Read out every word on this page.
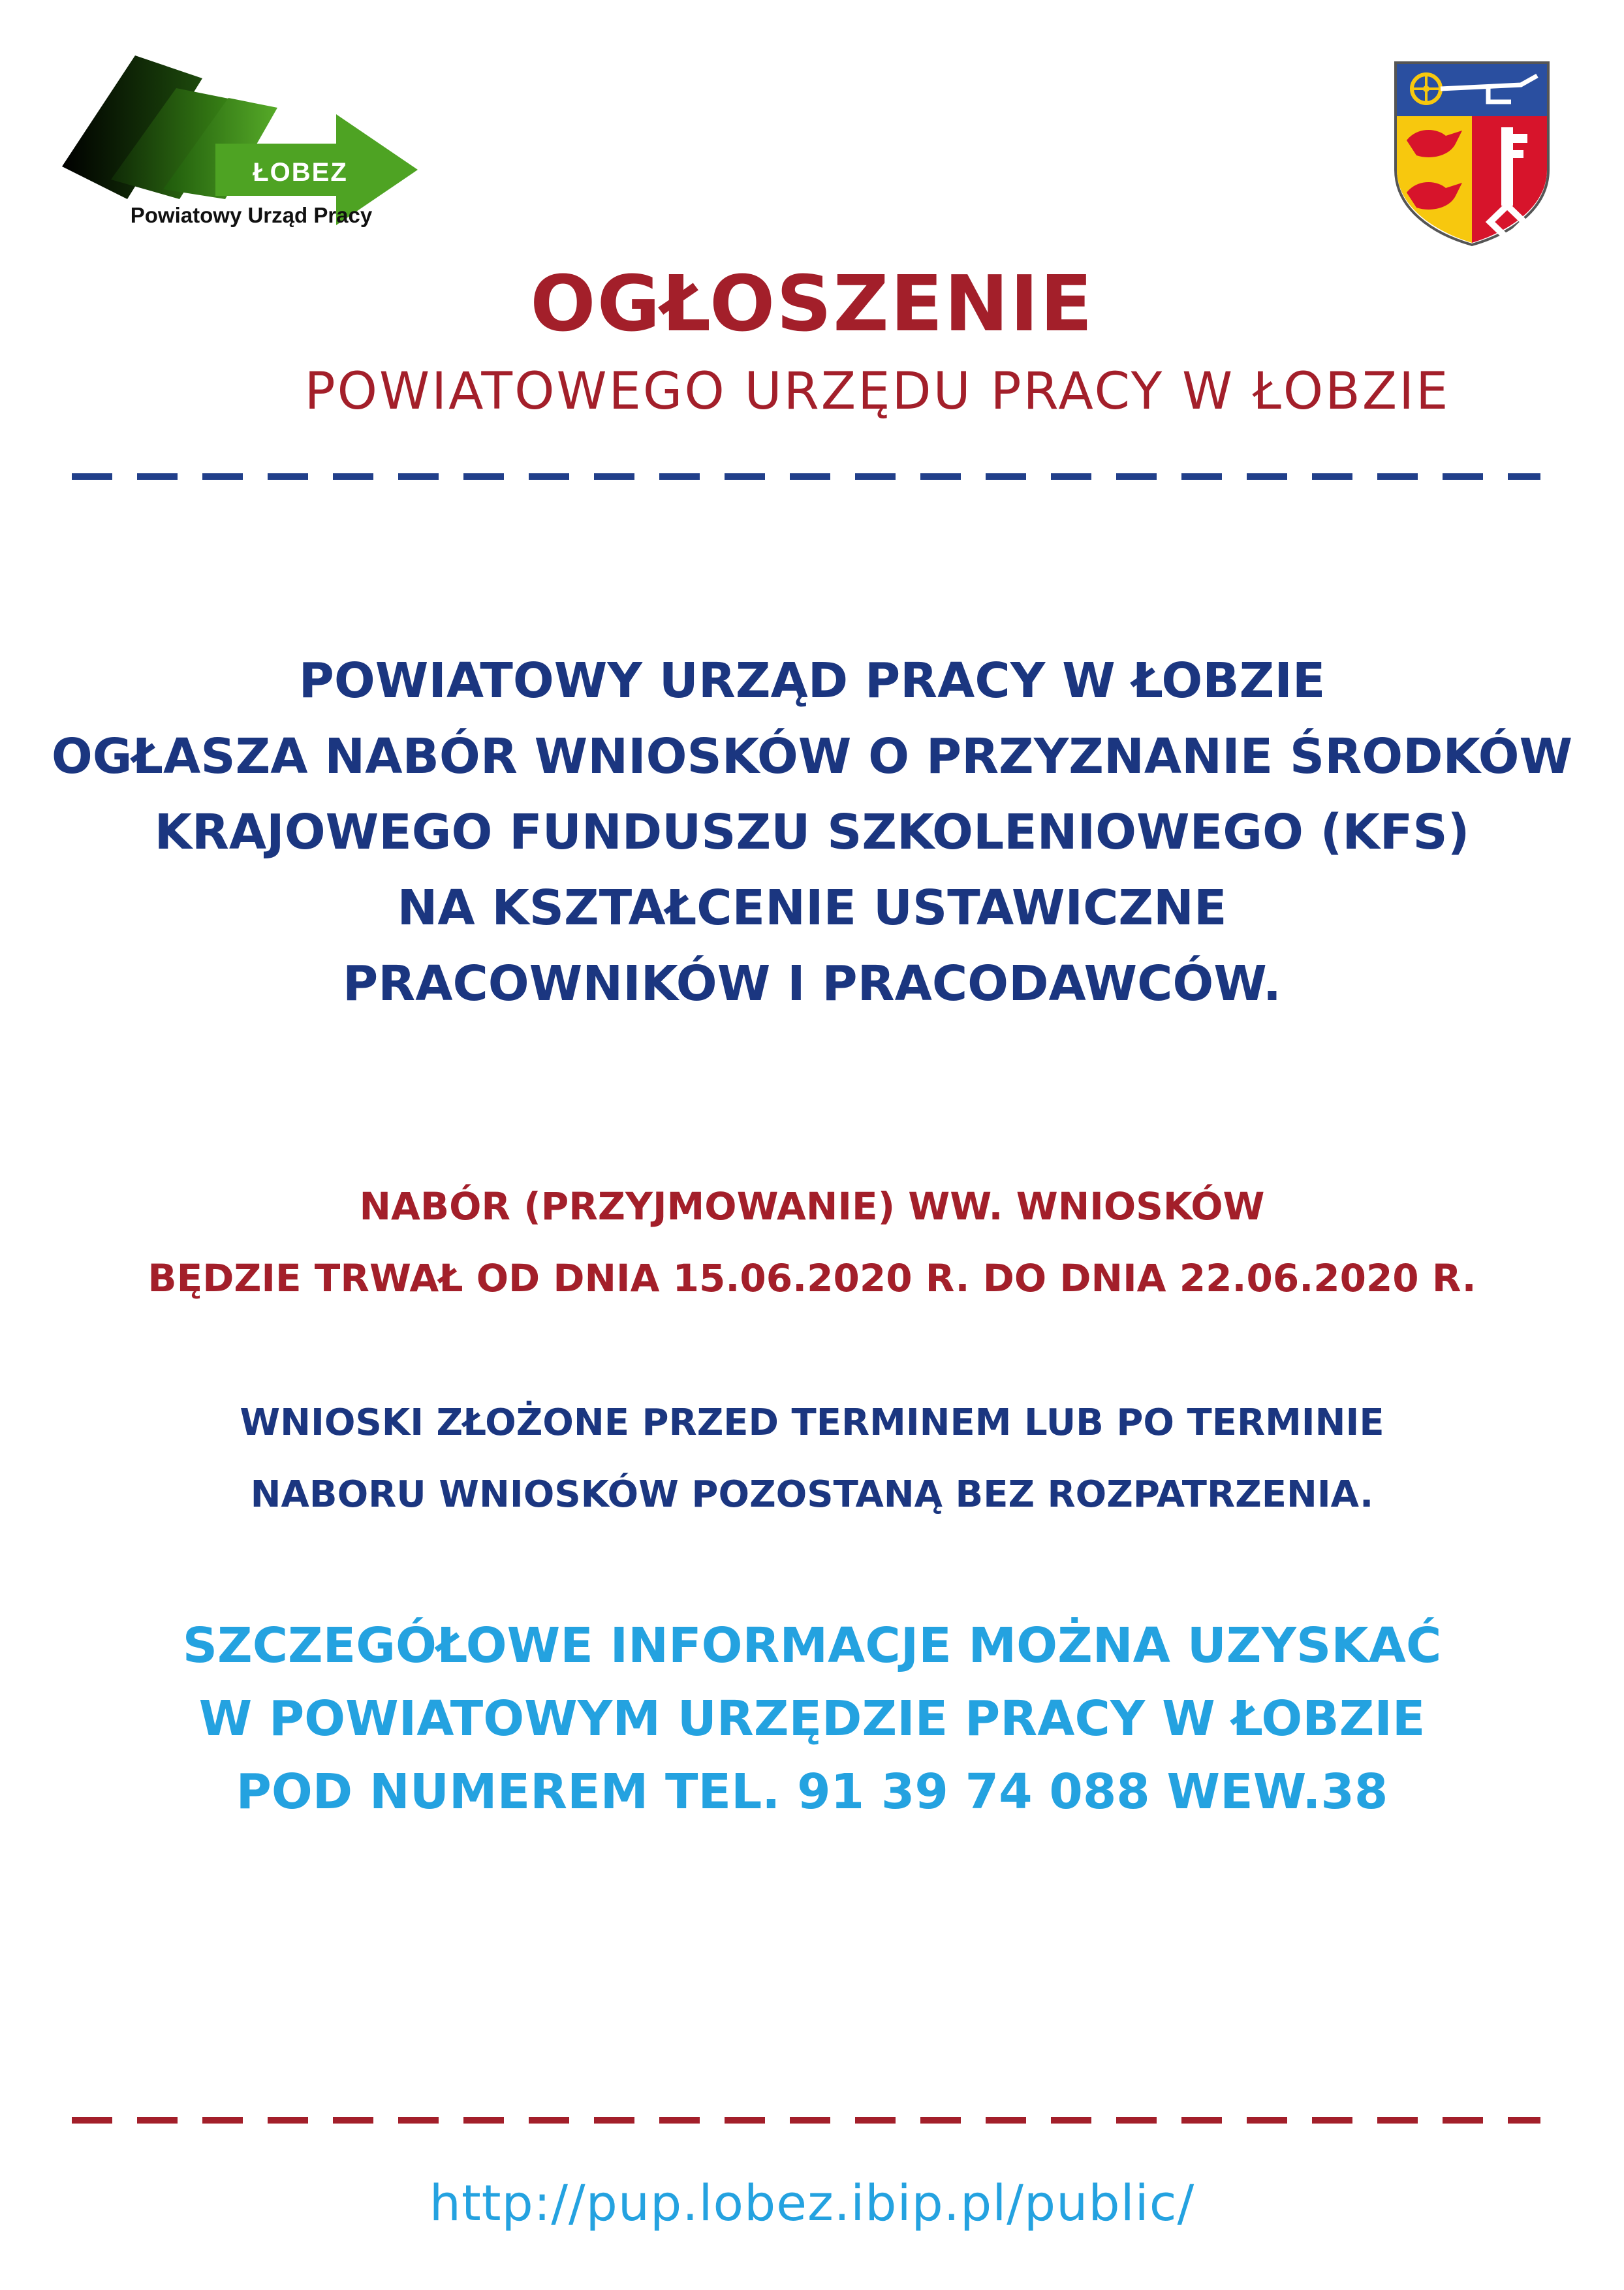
ŁOBEZ
Powiatowy Urząd Pracy
OGŁOSZENIE
POWIATOWEGO URZĘDU PRACY W ŁOBZIE
POWIATOWY URZĄD PRACY W ŁOBZIE
OGŁASZA NABÓR WNIOSKÓW O PRZYZNANIE ŚRODKÓW
KRAJOWEGO FUNDUSZU SZKOLENIOWEGO (KFS)
NA KSZTAŁCENIE USTAWICZNE
PRACOWNIKÓW I PRACODAWCÓW.
NABÓR (PRZYJMOWANIE) WW. WNIOSKÓW
BĘDZIE TRWAŁ OD DNIA 15.06.2020 R. DO DNIA 22.06.2020 R.
WNIOSKI ZŁOŻONE PRZED TERMINEM LUB PO TERMINIE
NABORU WNIOSKÓW POZOSTANĄ BEZ ROZPATRZENIA.
SZCZEGÓŁOWE INFORMACJE MOŻNA UZYSKAĆ
W POWIATOWYM URZĘDZIE PRACY W ŁOBZIE
POD NUMEREM TEL. 91 39 74 088 WEW.38
http://pup.lobez.ibip.pl/public/
